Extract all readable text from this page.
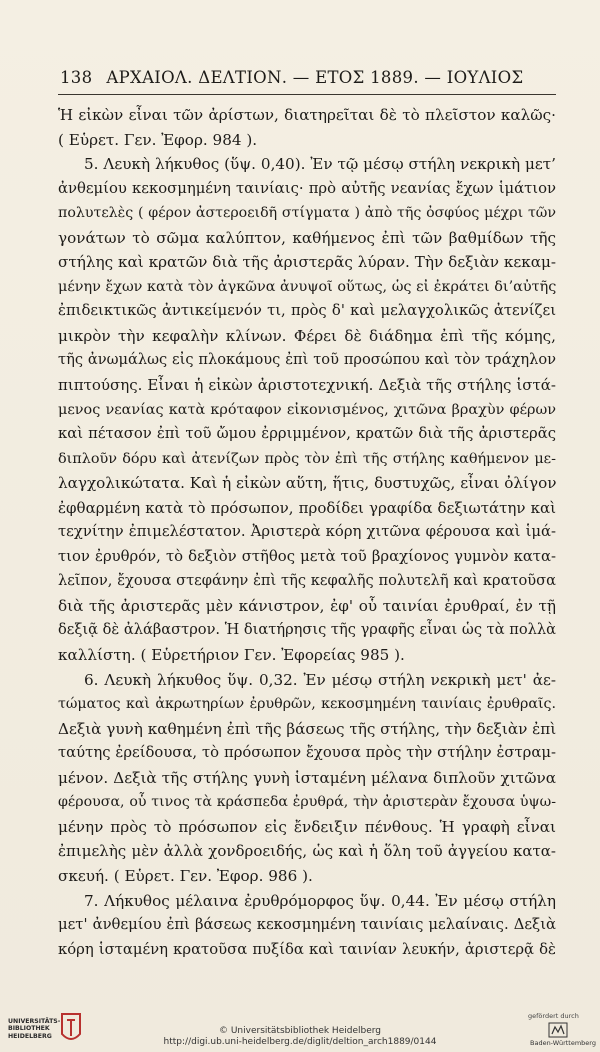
138 ΑΡΧΑΙΟΛ. ΔΕΛΤΙΟΝ. — ΕΤΟΣ 1889. — ΙΟΥΛΙΟΣ
Ἡ εἰκὼν εἶναι τῶν ἀρίστων, διατηρεῖται δὲ τὸ πλεῖστον καλῶς·
( Εὑρετ. Γεν. Ἐφορ. 984 ).
5. Λευκὴ λήκυθος (ὕψ. 0,40). Ἐν τῷ μέσῳ στήλη νεκρικὴ μετ’
ἀνθεμίου κεκοσμημένη ταινίαις· πρὸ αὐτῆς νεανίας ἔχων ἱμάτιον
πολυτελὲς ( φέρον ἀστεροειδῆ στίγματα ) ἀπὸ τῆς ὀσφύος μέχρι τῶν
γονάτων τὸ σῶμα καλύπτον, καθήμενος ἐπὶ τῶν βαθμίδων τῆς
στήλης καὶ κρατῶν διὰ τῆς ἀριστερᾶς λύραν. Τὴν δεξιὰν κεκαμ-
μένην ἔχων κατὰ τὸν ἀγκῶνα ἀνυψοῖ οὕτως, ὡς εἰ ἐκράτει δι’αὐτῆς
ἐπιδεικτικῶς ἀντικείμενόν τι, πρὸς δ' καὶ μελαγχολικῶς ἀτενίζει
μικρὸν τὴν κεφαλὴν κλίνων. Φέρει δὲ διάδημα ἐπὶ τῆς κόμης,
τῆς ἀνωμάλως εἰς πλοκάμους ἐπὶ τοῦ προσώπου καὶ τὸν τράχηλον
πιπτούσης. Εἶναι ἡ εἰκὼν ἀριστοτεχνική. Δεξιὰ τῆς στήλης ἱστά-
μενος νεανίας κατὰ κρόταφον εἰκονισμένος, χιτῶνα βραχὺν φέρων
καὶ πέτασον ἐπὶ τοῦ ὤμου ἐρριμμένον, κρατῶν διὰ τῆς ἀριστερᾶς
διπλοῦν δόρυ καὶ ἀτενίζων πρὸς τὸν ἐπὶ τῆς στήλης καθήμενον με-
λαγχολικώτατα. Καὶ ἡ εἰκὼν αὕτη, ἥτις, δυστυχῶς, εἶναι ὀλίγον
ἐφθαρμένη κατὰ τὸ πρόσωπον, προδίδει γραφίδα δεξιωτάτην καὶ
τεχνίτην ἐπιμελέστατον. Ἀριστερὰ κόρη χιτῶνα φέρουσα καὶ ἱμά-
τιον ἐρυθρόν, τὸ δεξιὸν στῆθος μετὰ τοῦ βραχίονος γυμνὸν κατα-
λεῖπον, ἔχουσα στεφάνην ἐπὶ τῆς κεφαλῆς πολυτελῆ καὶ κρατοῦσα
διὰ τῆς ἀριστερᾶς μὲν κάνιστρον, ἐφ' οὗ ταινίαι ἐρυθραί, ἐν τῇ
δεξιᾷ δὲ ἀλάβαστρον. Ἡ διατήρησις τῆς γραφῆς εἶναι ὡς τὰ πολλὰ
καλλίστη. ( Εὑρετήριον Γεν. Ἐφορείας 985 ).
6. Λευκὴ λήκυθος ὕψ. 0,32. Ἐν μέσῳ στήλη νεκρικὴ μετ' ἀε-
τώματος καὶ ἀκρωτηρίων ἐρυθρῶν, κεκοσμημένη ταινίαις ἐρυθραῖς.
Δεξιὰ γυνὴ καθημένη ἐπὶ τῆς βάσεως τῆς στήλης, τὴν δεξιὰν ἐπὶ
ταύτης ἐρείδουσα, τὸ πρόσωπον ἔχουσα πρὸς τὴν στήλην ἐστραμ-
μένον. Δεξιὰ τῆς στήλης γυνὴ ἱσταμένη μέλανα διπλοῦν χιτῶνα
φέρουσα, οὗ τινος τὰ κράσπεδα ἐρυθρά, τὴν ἀριστερὰν ἔχουσα ὑψω-
μένην πρὸς τὸ πρόσωπον εἰς ἔνδειξιν πένθους. Ἡ γραφὴ εἶναι
ἐπιμελὴς μὲν ἀλλὰ χονδροειδής, ὡς καὶ ἡ ὅλη τοῦ ἀγγείου κατα-
σκευή. ( Εὑρετ. Γεν. Ἐφορ. 986 ).
7. Λήκυθος μέλαινα ἐρυθρόμορφος ὕψ. 0,44. Ἐν μέσῳ στήλη
μετ' ἀνθεμίου ἐπὶ βάσεως κεκοσμημένη ταινίαις μελαίναις. Δεξιὰ
κόρη ἱσταμένη κρατοῦσα πυξίδα καὶ ταινίαν λευκήν, ἀριστερᾷ δὲ
UNIVERSITÄTS-
BIBLIOTHEK
HEIDELBERG
© Universitätsbibliothek Heidelberg
http://digi.ub.uni-heidelberg.de/diglit/deltion_arch1889/0144
gefördert durch
Baden-Württemberg
